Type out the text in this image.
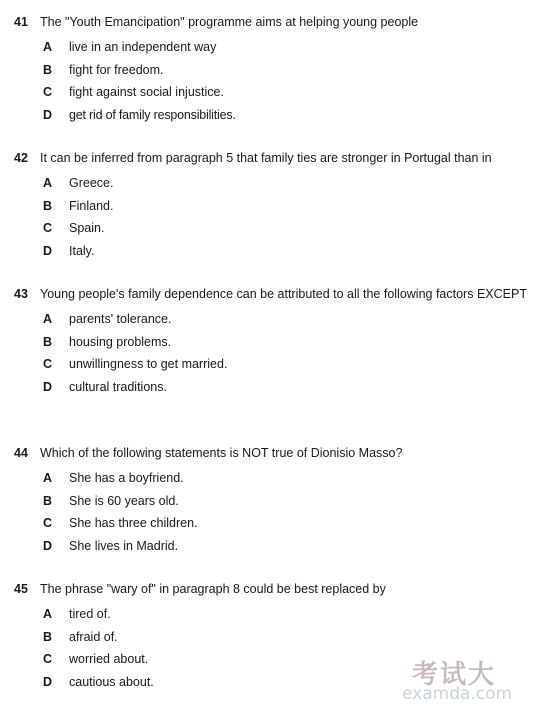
41 The "Youth Emancipation" programme aims at helping young people
A live in an independent way
B fight for freedom.
C fight against social injustice.
D get rid of family responsibilities.
42 It can be inferred from paragraph 5 that family ties are stronger in Portugal than in
A Greece.
B Finland.
C Spain.
D Italy.
43 Young people's family dependence can be attributed to all the following factors EXCEPT
A parents' tolerance.
B housing problems.
C unwillingness to get married.
D cultural traditions.
44 Which of the following statements is NOT true of Dionisio Masso?
A She has a boyfriend.
B She is 60 years old.
C She has three children.
D She lives in Madrid.
45 The phrase "wary of" in paragraph 8 could be best replaced by
A tired of.
B afraid of.
C worried about.
D cautious about.	考试大
examda.com
